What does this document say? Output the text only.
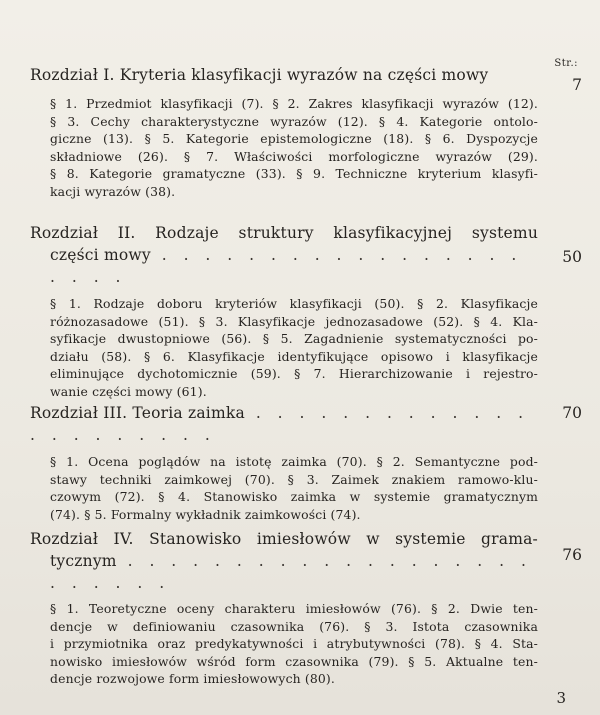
Str.:
Rozdział I. Kryteria klasyfikacji wyrazów na części mowy
7
§ 1. Przedmiot klasyfikacji (7). § 2. Zakres klasyfikacji wyrazów (12).
§ 3. Cechy charakterystyczne wyrazów (12). § 4. Kategorie ontolo-
giczne (13). § 5. Kategorie epistemologiczne (18). § 6. Dyspozycje
składniowe (26). § 7. Właściwości morfologiczne wyrazów (29).
§ 8. Kategorie gramatyczne (33). § 9. Techniczne kryterium klasyfi-
kacji wyrazów (38).
Rozdział II. Rodzaje struktury klasyfikacyjnej systemu
części mowy . . . . . . . . . . . . . . . . . . . . .
50
§ 1. Rodzaje doboru kryteriów klasyfikacji (50). § 2. Klasyfikacje
różnozasadowe (51). § 3. Klasyfikacje jednozasadowe (52). § 4. Kla-
syfikacje dwustopniowe (56). § 5. Zagadnienie systematyczności po-
działu (58). § 6. Klasyfikacje identyfikujące opisowo i klasyfikacje
eliminujące dychotomicznie (59). § 7. Hierarchizowanie i rejestro-
wanie części mowy (61).
Rozdział III. Teoria zaimka . . . . . . . . . . . . . . . . . . . . . .
70
§ 1. Ocena poglądów na istotę zaimka (70). § 2. Semantyczne pod-
stawy techniki zaimkowej (70). § 3. Zaimek znakiem ramowo-klu-
czowym (72). § 4. Stanowisko zaimka w systemie gramatycznym
(74). § 5. Formalny wykładnik zaimkowości (74).
Rozdział IV. Stanowisko imiesłowów w systemie grama-
tycznym . . . . . . . . . . . . . . . . . . . . . . . . .
76
§ 1. Teoretyczne oceny charakteru imiesłowów (76). § 2. Dwie ten-
dencje w definiowaniu czasownika (76). § 3. Istota czasownika
i przymiotnika oraz predykatywności i atrybutywności (78). § 4. Sta-
nowisko imiesłowów wśród form czasownika (79). § 5. Aktualne ten-
dencje rozwojowe form imiesłowowych (80).
3
